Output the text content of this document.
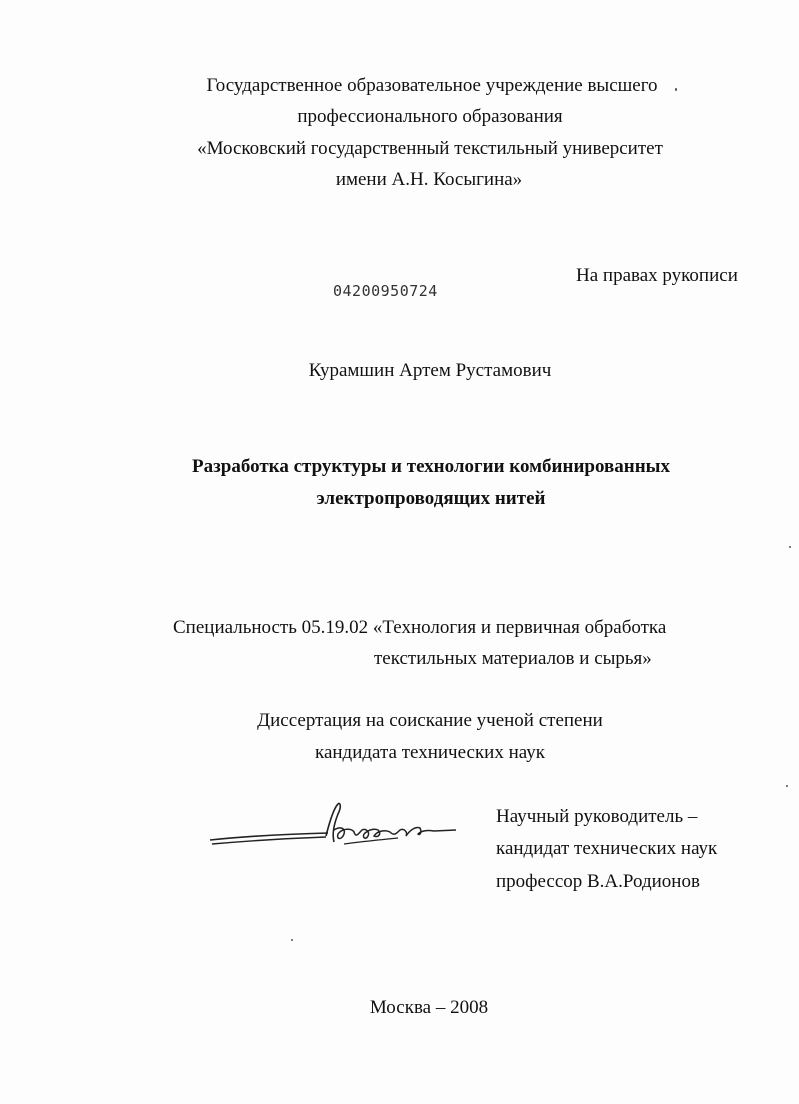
Государственное образовательное учреждение высшего
профессионального образования
«Московский государственный текстильный университет
имени А.Н. Косыгина»
04200950724
На правах рукописи
Курамшин Артем Рустамович
Разработка структуры и технологии комбинированных
электропроводящих нитей
Специальность 05.19.02 «Технология и первичная обработка
текстильных материалов и сырья»
Диссертация на соискание ученой степени
кандидата технических наук
Научный руководитель –
кандидат технических наук
профессор В.А.Родионов
Москва – 2008
